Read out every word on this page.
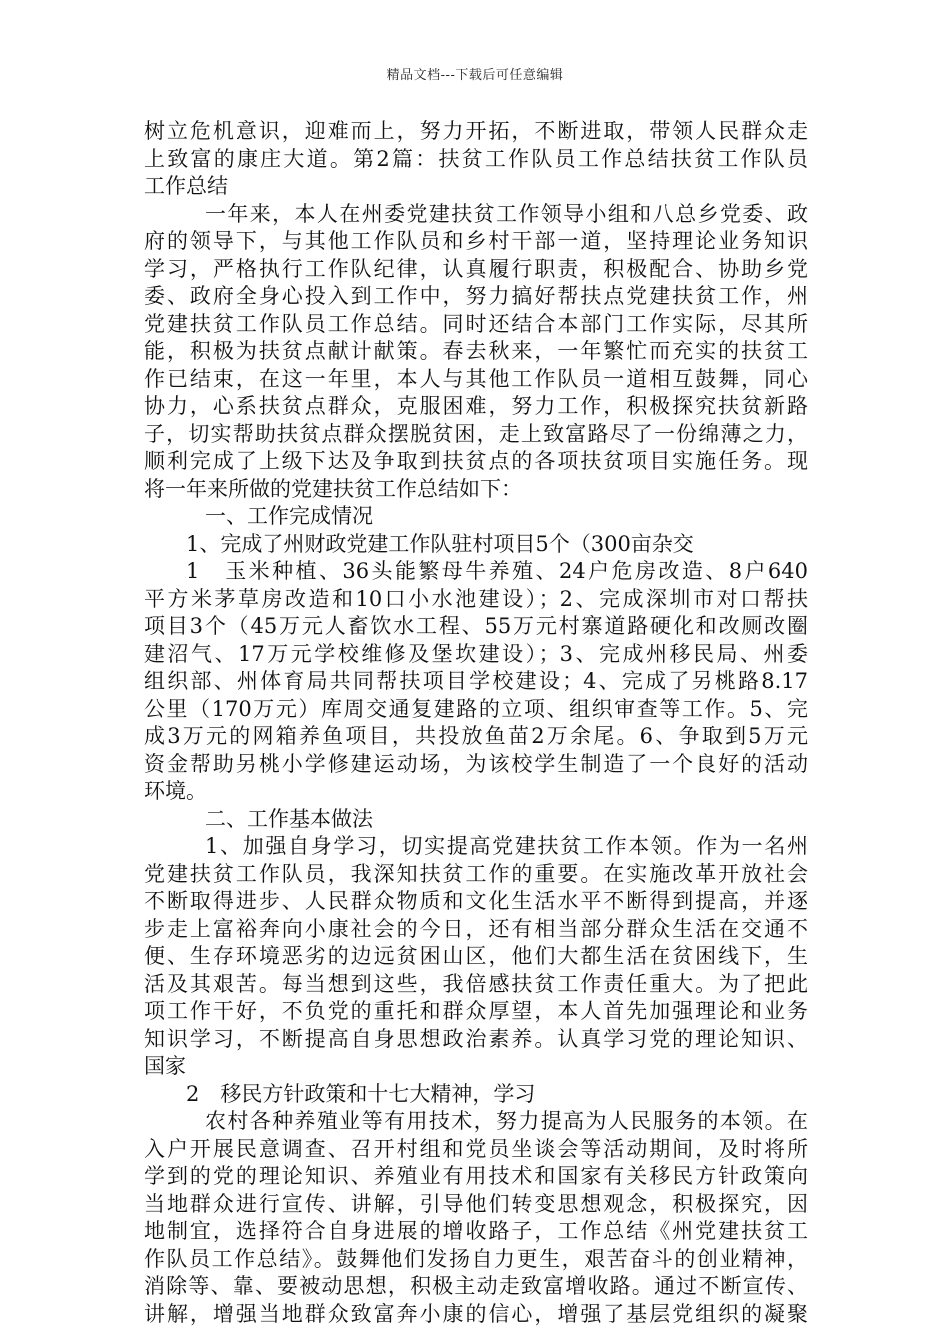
精品文档---下载后可任意编辑
树立危机意识，迎难而上，努力开拓，不断进取，带领人民群众走
上致富的康庄大道。第2篇：扶贫工作队员工作总结扶贫工作队员
工作总结
一年来，本人在州委党建扶贫工作领导小组和八总乡党委、政
府的领导下，与其他工作队员和乡村干部一道，坚持理论业务知识
学习，严格执行工作队纪律，认真履行职责，积极配合、协助乡党
委、政府全身心投入到工作中，努力搞好帮扶点党建扶贫工作，州
党建扶贫工作队员工作总结。同时还结合本部门工作实际，尽其所
能，积极为扶贫点献计献策。春去秋来，一年繁忙而充实的扶贫工
作已结束，在这一年里，本人与其他工作队员一道相互鼓舞，同心
协力，心系扶贫点群众，克服困难，努力工作，积极探究扶贫新路
子，切实帮助扶贫点群众摆脱贫困，走上致富路尽了一份绵薄之力，
顺利完成了上级下达及争取到扶贫点的各项扶贫项目实施任务。现
将一年来所做的党建扶贫工作总结如下：
一、工作完成情况
1、完成了州财政党建工作队驻村项目5个（300亩杂交
1　玉米种植、36头能繁母牛养殖、24户危房改造、8户640
平方米茅草房改造和10口小水池建设）；2、完成深圳市对口帮扶
项目3个（45万元人畜饮水工程、55万元村寨道路硬化和改厕改圈
建沼气、17万元学校维修及堡坎建设）；3、完成州移民局、州委
组织部、州体育局共同帮扶项目学校建设；4、完成了另桃路8.17
公里（170万元）库周交通复建路的立项、组织审查等工作。5、完
成3万元的网箱养鱼项目，共投放鱼苗2万余尾。6、争取到5万元
资金帮助另桃小学修建运动场，为该校学生制造了一个良好的活动
环境。
二、工作基本做法
1、加强自身学习，切实提高党建扶贫工作本领。作为一名州
党建扶贫工作队员，我深知扶贫工作的重要。在实施改革开放社会
不断取得进步、人民群众物质和文化生活水平不断得到提高，并逐
步走上富裕奔向小康社会的今日，还有相当部分群众生活在交通不
便、生存环境恶劣的边远贫困山区，他们大都生活在贫困线下，生
活及其艰苦。每当想到这些，我倍感扶贫工作责任重大。为了把此
项工作干好，不负党的重托和群众厚望，本人首先加强理论和业务
知识学习，不断提高自身思想政治素养。认真学习党的理论知识、
国家
2　移民方针政策和十七大精神，学习
农村各种养殖业等有用技术，努力提高为人民服务的本领。在
入户开展民意调查、召开村组和党员坐谈会等活动期间，及时将所
学到的党的理论知识、养殖业有用技术和国家有关移民方针政策向
当地群众进行宣传、讲解，引导他们转变思想观念，积极探究，因
地制宜，选择符合自身进展的增收路子，工作总结《州党建扶贫工
作队员工作总结》。鼓舞他们发扬自力更生，艰苦奋斗的创业精神，
消除等、靠、要被动思想，积极主动走致富增收路。通过不断宣传、
讲解，增强当地群众致富奔小康的信心，增强了基层党组织的凝聚
